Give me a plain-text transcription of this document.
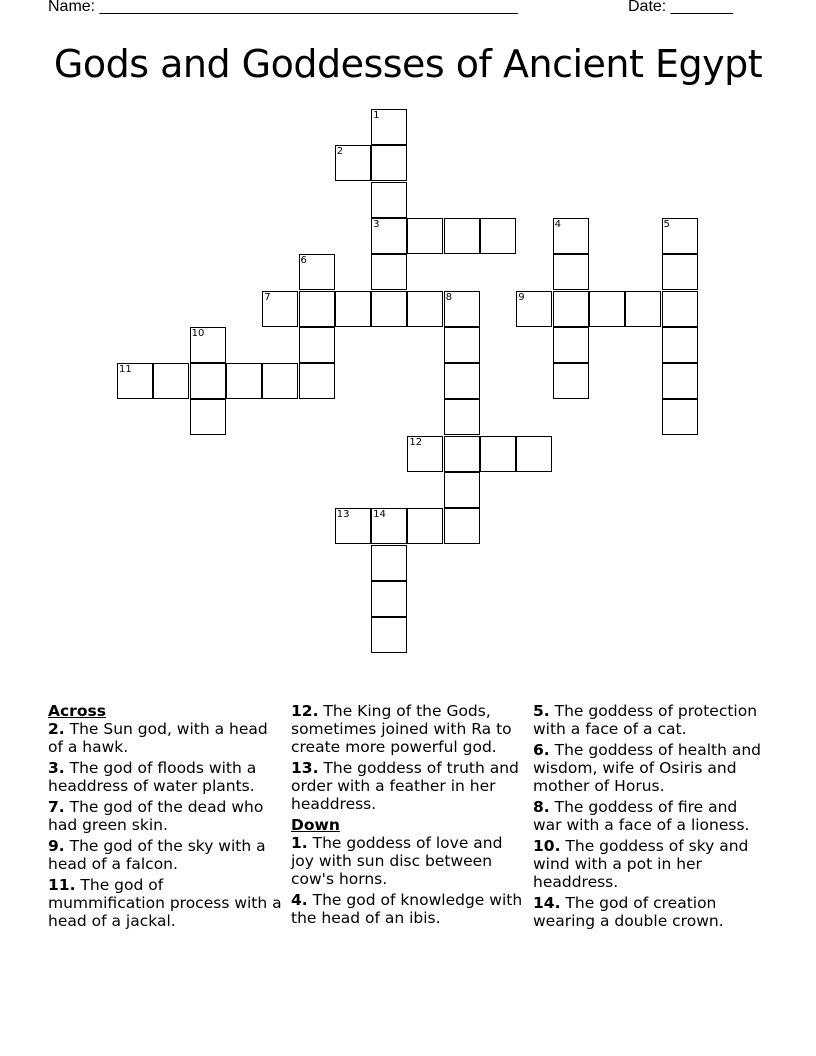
Name: _______________________________________________	Date: _______
Gods and Goddesses of Ancient Egypt
1
2
3	4	5
6
7	8	9
10
11
12
13 14
Across
2. The Sun god, with a head of a hawk.
3. The god of floods with a headdress of water plants.
7. The god of the dead who had green skin.
9. The god of the sky with a head of a falcon.
11. The god of mummification process with a head of a jackal.
12. The King of the Gods, sometimes joined with Ra to create more powerful god.
13. The goddess of truth and order with a feather in her headdress.
Down
1. The goddess of love and joy with sun disc between cow's horns.
4. The god of knowledge with the head of an ibis.
5. The goddess of protection with a face of a cat.
6. The goddess of health and wisdom, wife of Osiris and mother of Horus.
8. The goddess of fire and war with a face of a lioness.
10. The goddess of sky and wind with a pot in her headdress.
14. The god of creation wearing a double crown.
